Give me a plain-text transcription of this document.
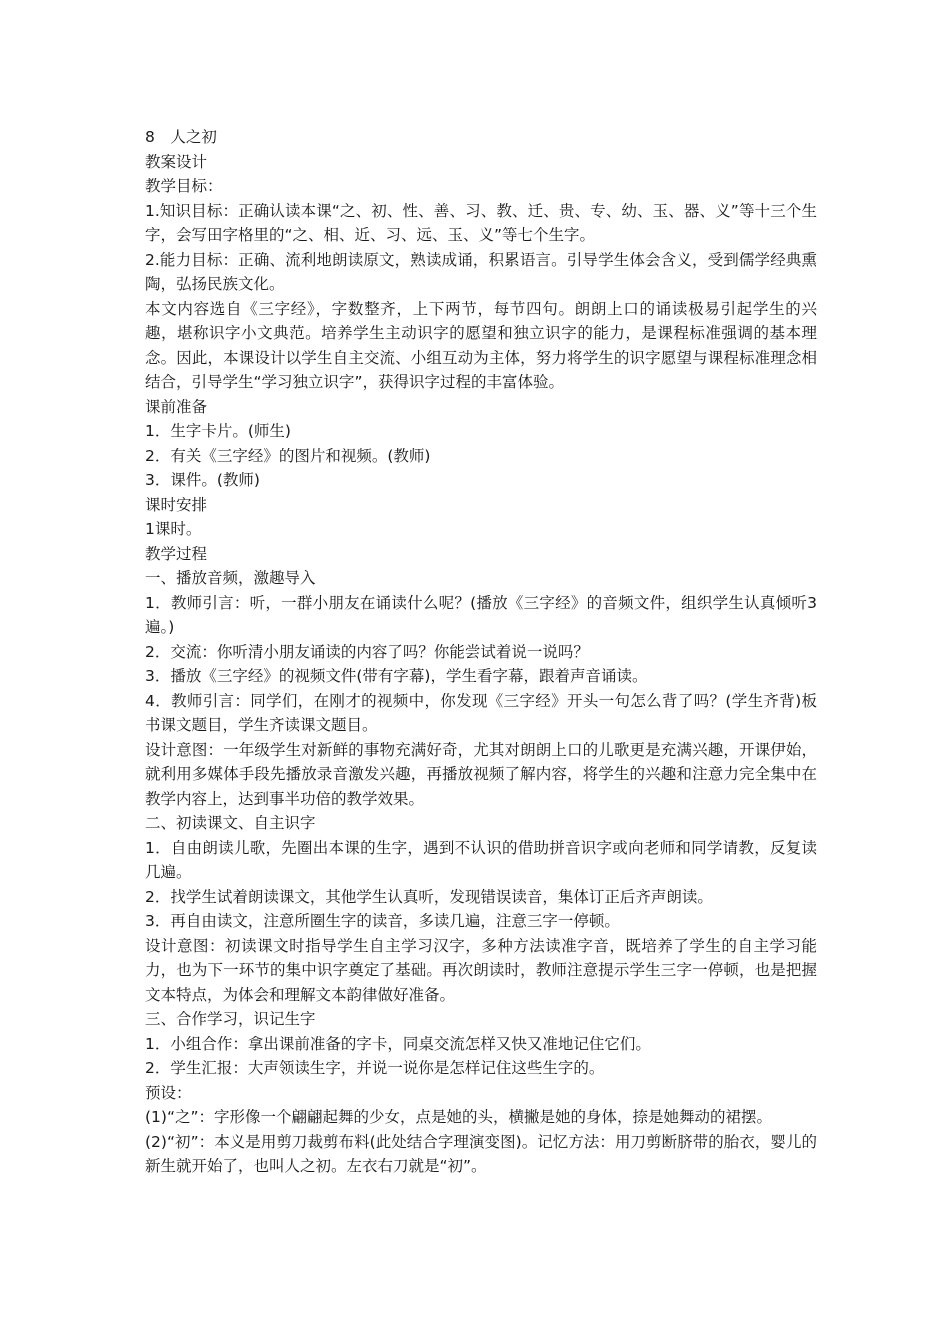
8　人之初

教案设计

教学目标：

1.知识目标：正确认读本课“之、初、性、善、习、教、迁、贵、专、幼、玉、器、义”等十三个生字，会写田字格里的“之、相、近、习、远、玉、义”等七个生字。

2.能力目标：正确、流利地朗读原文，熟读成诵，积累语言。引导学生体会含义，受到儒学经典熏陶，弘扬民族文化。

本文内容选自《三字经》，字数整齐，上下两节，每节四句。朗朗上口的诵读极易引起学生的兴趣，堪称识字小文典范。培养学生主动识字的愿望和独立识字的能力，是课程标准强调的基本理念。因此，本课设计以学生自主交流、小组互动为主体，努力将学生的识字愿望与课程标准理念相结合，引导学生“学习独立识字”，获得识字过程的丰富体验。

课前准备

1．生字卡片。(师生)

2．有关《三字经》的图片和视频。(教师)

3．课件。(教师)

课时安排

1课时。

教学过程

一、播放音频，激趣导入

1．教师引言：听，一群小朋友在诵读什么呢？(播放《三字经》的音频文件，组织学生认真倾听3遍。)

2．交流：你听清小朋友诵读的内容了吗？你能尝试着说一说吗？

3．播放《三字经》的视频文件(带有字幕)，学生看字幕，跟着声音诵读。

4．教师引言：同学们，在刚才的视频中，你发现《三字经》开头一句怎么背了吗？(学生齐背)板书课文题目，学生齐读课文题目。

设计意图：一年级学生对新鲜的事物充满好奇，尤其对朗朗上口的儿歌更是充满兴趣，开课伊始，就利用多媒体手段先播放录音激发兴趣，再播放视频了解内容，将学生的兴趣和注意力完全集中在教学内容上，达到事半功倍的教学效果。

二、初读课文、自主识字

1．自由朗读儿歌，先圈出本课的生字，遇到不认识的借助拼音识字或向老师和同学请教，反复读几遍。

2．找学生试着朗读课文，其他学生认真听，发现错误读音，集体订正后齐声朗读。

3．再自由读文，注意所圈生字的读音，多读几遍，注意三字一停顿。

设计意图：初读课文时指导学生自主学习汉字，多种方法读准字音，既培养了学生的自主学习能力，也为下一环节的集中识字奠定了基础。再次朗读时，教师注意提示学生三字一停顿，也是把握文本特点，为体会和理解文本韵律做好准备。

三、合作学习，识记生字

1．小组合作：拿出课前准备的字卡，同桌交流怎样又快又准地记住它们。

2．学生汇报：大声领读生字，并说一说你是怎样记住这些生字的。

预设：

(1)“之”：字形像一个翩翩起舞的少女，点是她的头，横撇是她的身体，捺是她舞动的裙摆。

(2)“初”：本义是用剪刀裁剪布料(此处结合字理演变图)。记忆方法：用刀剪断脐带的胎衣，婴儿的新生就开始了，也叫人之初。左衣右刀就是“初”。
